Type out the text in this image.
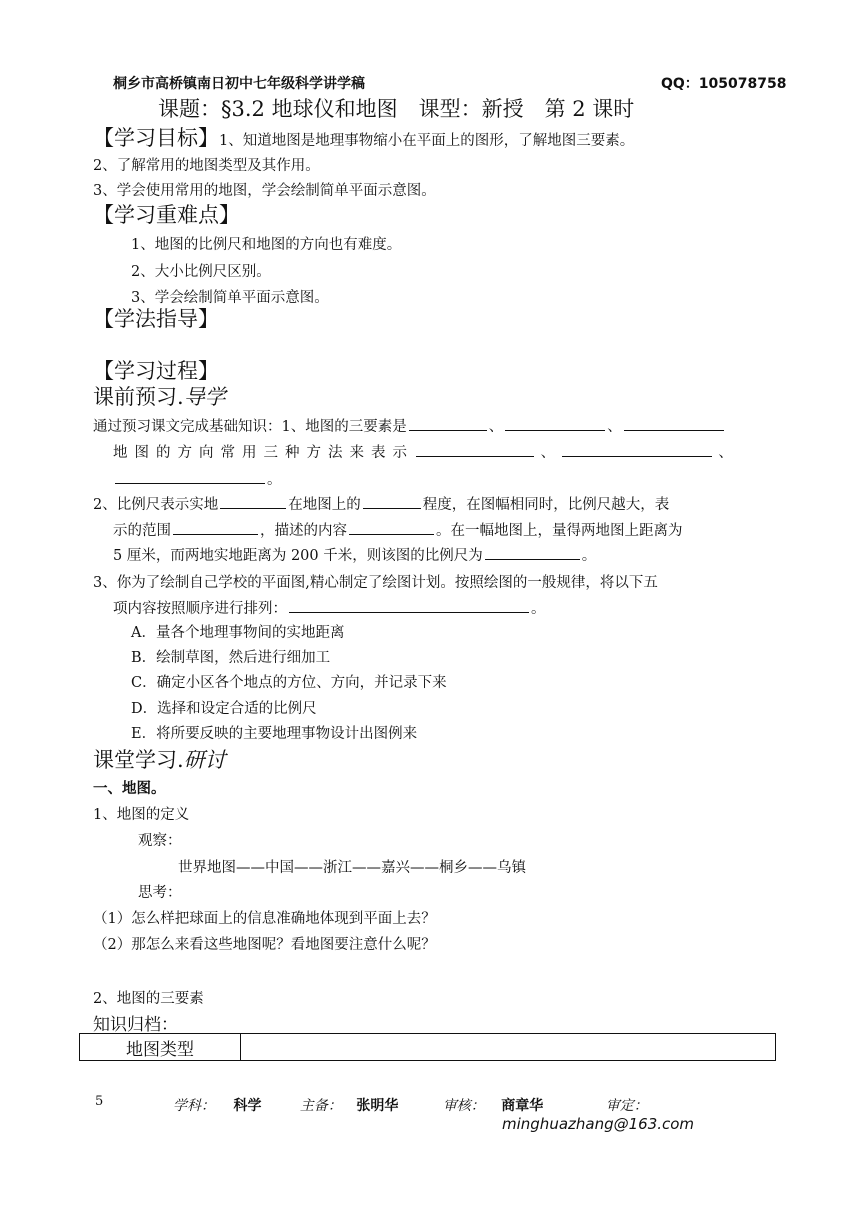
桐乡市高桥镇南日初中七年级科学讲学稿	QQ：105078758
课题：§3.2 地球仪和地图　课型：新授　第 2 课时
【学习目标】1、知道地图是地理事物缩小在平面上的图形，了解地图三要素。
2、了解常用的地图类型及其作用。
3、学会使用常用的地图，学会绘制简单平面示意图。
【学习重难点】
1、地图的比例尺和地图的方向也有难度。
2、大小比例尺区别。
3、学会绘制简单平面示意图。
【学法指导】
【学习过程】
课前预习.导学
通过预习课文完成基础知识：1、地图的三要素是	、	、
地图的方向常用三种方法来表示	、	、
。
2、比例尺表示实地	在地图上的	程度，在图幅相同时，比例尺越大，表
示的范围	，描述的内容	。在一幅地图上，量得两地图上距离为
5 厘米，而两地实地距离为 200 千米，则该图的比例尺为	。
3、你为了绘制自己学校的平面图,精心制定了绘图计划。按照绘图的一般规律，将以下五
项内容按照顺序进行排列：	。
A．量各个地理事物间的实地距离
B．绘制草图，然后进行细加工
C．确定小区各个地点的方位、方向，并记录下来
D．选择和设定合适的比例尺
E．将所要反映的主要地理事物设计出图例来
课堂学习.研讨
一、地图。
1、地图的定义
观察：
世界地图——中国——浙江——嘉兴——桐乡——乌镇
思考：
（1）怎么样把球面上的信息准确地体现到平面上去？
（2）那怎么来看这些地图呢？看地图要注意什么呢？
2、地图的三要素
知识归档：
地图类型	
5	学科： 科学	主备： 张明华	审核： 商章华	审定：
minghuazhang@163.com
